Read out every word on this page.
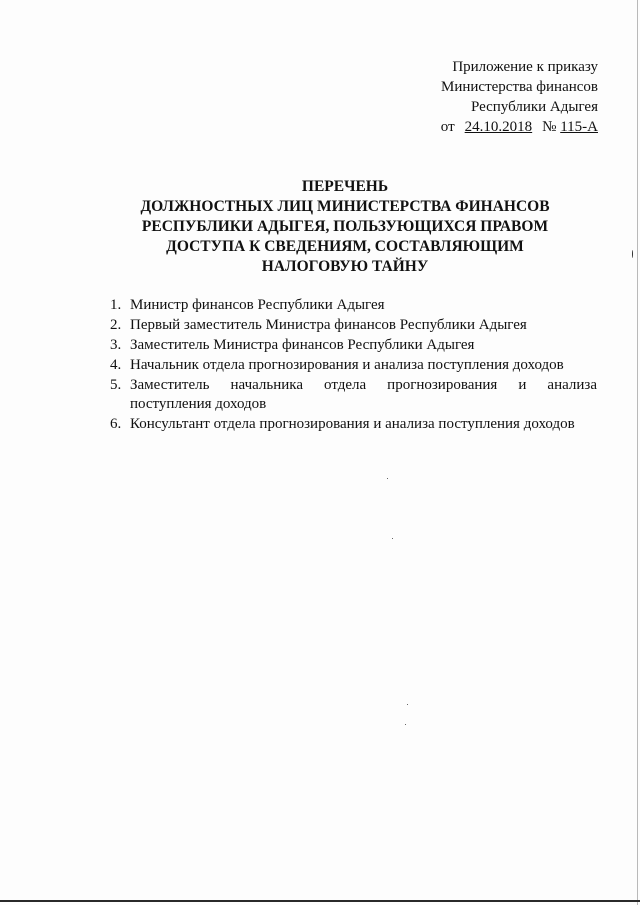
Приложение к приказу
Министерства финансов
Республики Адыгея
от 24.10.2018 № 115-А
ПЕРЕЧЕНЬ
ДОЛЖНОСТНЫХ ЛИЦ МИНИСТЕРСТВА ФИНАНСОВ
РЕСПУБЛИКИ АДЫГЕЯ, ПОЛЬЗУЮЩИХСЯ ПРАВОМ
ДОСТУПА К СВЕДЕНИЯМ, СОСТАВЛЯЮЩИМ
НАЛОГОВУЮ ТАЙНУ
1. Министр финансов Республики Адыгея
2. Первый заместитель Министра финансов Республики Адыгея
3. Заместитель Министра финансов Республики Адыгея
4. Начальник отдела прогнозирования и анализа поступления доходов
5. Заместитель начальника отдела прогнозирования и анализа
поступления доходов
6. Консультант отдела прогнозирования и анализа поступления доходов
